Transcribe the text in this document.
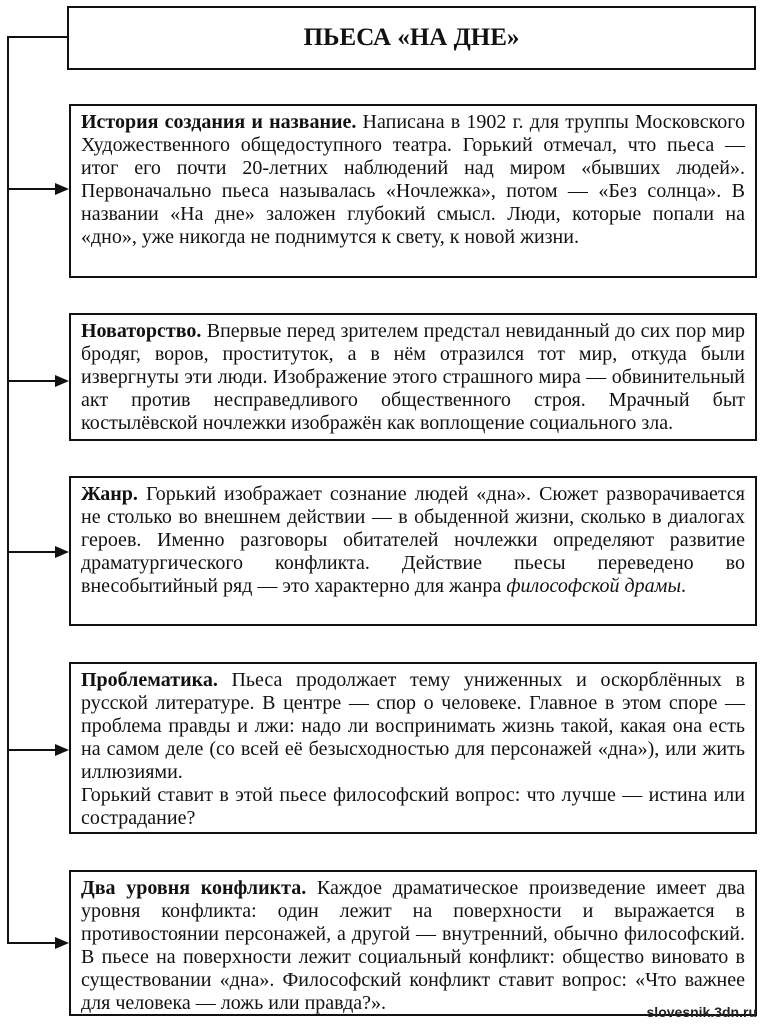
ПЬЕСА «НА ДНЕ»
История создания и название. Написана в 1902 г. для труппы Московского Художественного общедоступного театра. Горький отмечал, что пьеса — итог его почти 20-летних наблюдений над миром «бывших людей». Первоначально пьеса называлась «Ночлежка», потом — «Без солнца». В названии «На дне» заложен глубокий смысл. Люди, которые попали на «дно», уже никогда не поднимутся к свету, к новой жизни.
Новаторство. Впервые перед зрителем предстал невиданный до сих пор мир бродяг, воров, проституток, а в нём отразился тот мир, откуда были извергнуты эти люди. Изображение этого страшного мира — обвинительный акт против несправедливого общественного строя. Мрачный быт костылёвской ночлежки изображён как воплощение социального зла.
Жанр. Горький изображает сознание людей «дна». Сюжет разворачивается не столько во внешнем действии — в обыденной жизни, сколько в диалогах героев. Именно разговоры обитателей ночлежки определяют развитие драматургического конфликта. Действие пьесы переведено во внесобытийный ряд — это характерно для жанра философской драмы.
Проблематика. Пьеса продолжает тему униженных и оскорблённых в русской литературе. В центре — спор о человеке. Главное в этом споре — проблема правды и лжи: надо ли воспринимать жизнь такой, какая она есть на самом деле (со всей её безысходностью для персонажей «дна»), или жить иллюзиями.
Горький ставит в этой пьесе философский вопрос: что лучше — истина или сострадание?
Два уровня конфликта. Каждое драматическое произведение имеет два уровня конфликта: один лежит на поверхности и выражается в противостоянии персонажей, а другой — внутренний, обычно философский. В пьесе на поверхности лежит социальный конфликт: общество виновато в существовании «дна». Философский конфликт ставит вопрос: «Что важнее для человека — ложь или правда?».	slovesnik.3dn.ru
